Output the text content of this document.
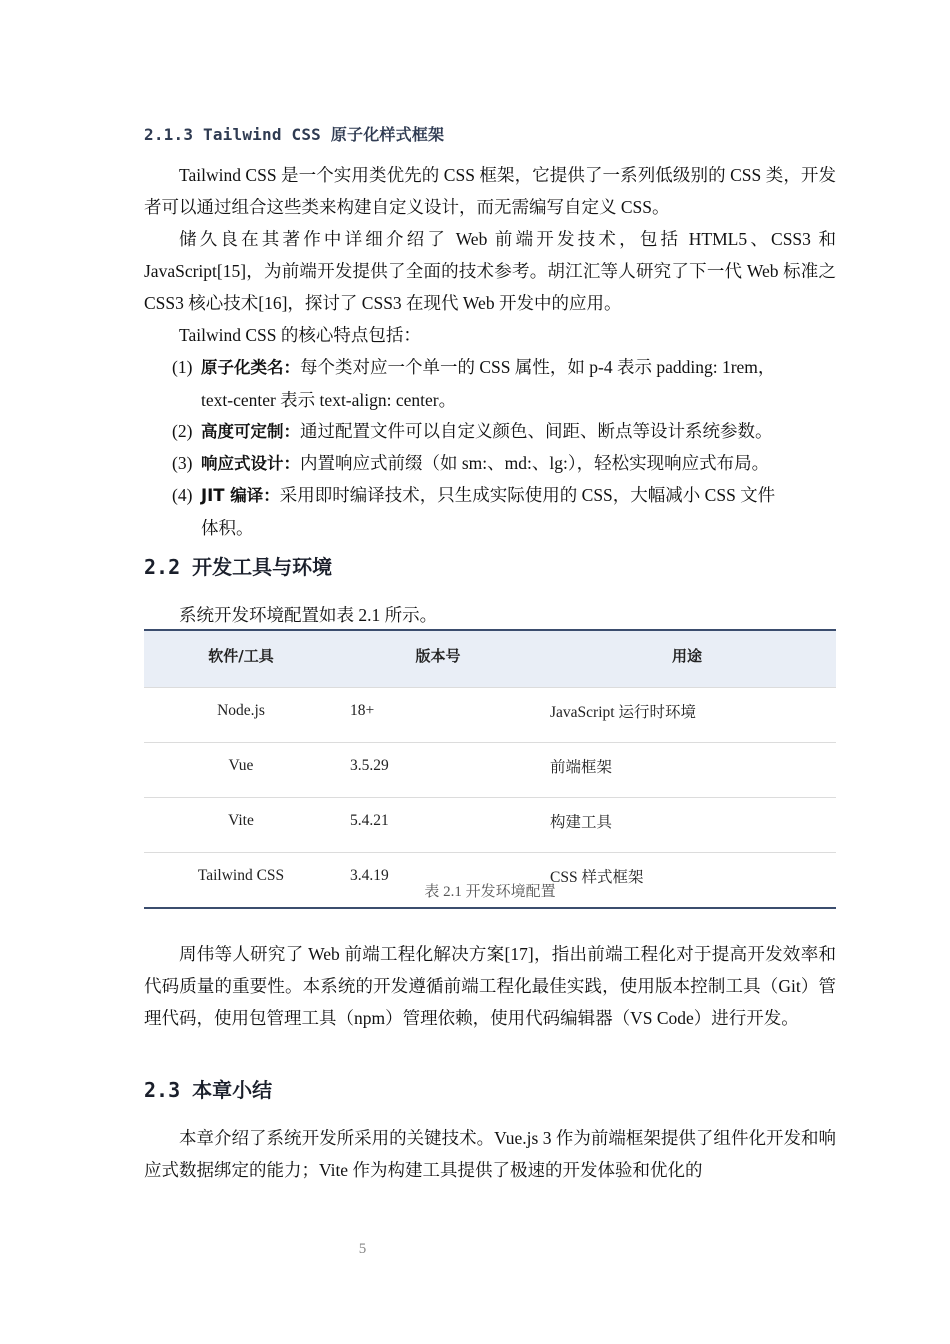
2.1.3 Tailwind CSS 原子化样式框架

Tailwind CSS 是一个实用类优先的 CSS 框架，它提供了一系列低级别的 CSS 类，开发者可以通过组合这些类来构建自定义设计，而无需编写自定义 CSS。

储久良在其著作中详细介绍了 Web 前端开发技术，包括 HTML5、CSS3 和 JavaScript[15]，为前端开发提供了全面的技术参考。胡江汇等人研究了下一代 Web 标准之 CSS3 核心技术[16]，探讨了 CSS3 在现代 Web 开发中的应用。

Tailwind CSS 的核心特点包括：

(1) 原子化类名：每个类对应一个单一的 CSS 属性，如 p-4 表示 padding: 1rem，
text-center 表示 text-align: center。
(2) 高度可定制：通过配置文件可以自定义颜色、间距、断点等设计系统参数。
(3) 响应式设计：内置响应式前缀（如 sm:、md:、lg:），轻松实现响应式布局。
(4) JIT 编译：采用即时编译技术，只生成实际使用的 CSS，大幅减小 CSS 文件
体积。
2.2 开发工具与环境

系统开发环境配置如表 2.1 所示。

软件/工具	版本号	用途
Node.js	18+	JavaScript 运行时环境
Vue	3.5.29	前端框架
Vite	5.4.21	构建工具
Tailwind CSS	3.4.19	CSS 样式框架
表 2.1 开发环境配置

周伟等人研究了 Web 前端工程化解决方案[17]，指出前端工程化对于提高开发效率和代码质量的重要性。本系统的开发遵循前端工程化最佳实践，使用版本控制工具（Git）管理代码，使用包管理工具（npm）管理依赖，使用代码编辑器（VS Code）进行开发。

2.3 本章小结

本章介绍了系统开发所采用的关键技术。Vue.js 3 作为前端框架提供了组件化开发和响应式数据绑定的能力；Vite 作为构建工具提供了极速的开发体验和优化的

5
